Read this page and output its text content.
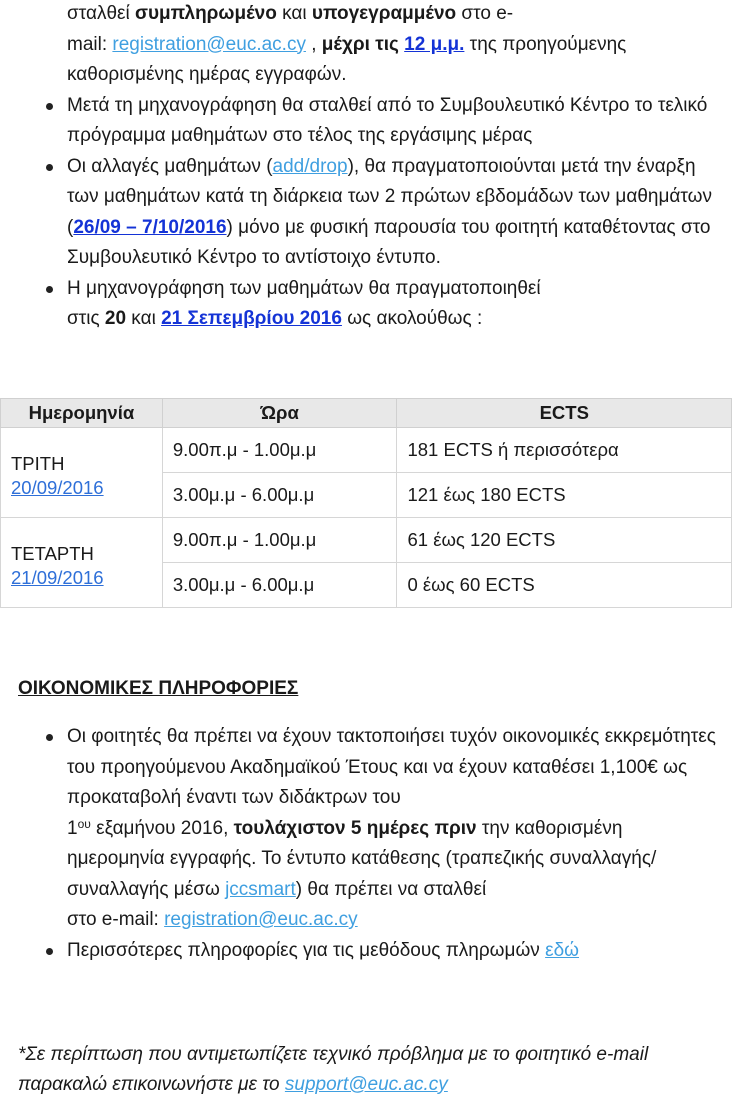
σταλθεί συμπληρωμένο και υπογεγραμμένο στο e-
mail: registration@euc.ac.cy , μέχρι τις 12 μ.μ. της προηγούμενης
καθορισμένης ημέρας εγγραφών.
Μετά τη μηχανογράφηση θα σταλθεί από το Συμβουλευτικό Κέντρο το τελικό πρόγραμμα μαθημάτων στο τέλος της εργάσιμης μέρας
Οι αλλαγές μαθημάτων (add/drop), θα πραγματοποιούνται μετά την έναρξη των μαθημάτων κατά τη διάρκεια των 2 πρώτων εβδομάδων των μαθημάτων (26/09 – 7/10/2016) μόνο με φυσική παρουσία του φοιτητή καταθέτοντας στο Συμβουλευτικό Κέντρο το αντίστοιχο έντυπο.
Η μηχανογράφηση των μαθημάτων θα πραγματοποιηθεί
στις 20 και 21 Σεπεμβρίου 2016 ως ακολούθως :
Ημερομηνία	Ώρα	ECTS

ΤΡΙΤΗ
20/09/2016	9.00π.μ - 1.00μ.μ	181 ECTS ή περισσότερα
	3.00μ.μ - 6.00μ.μ	121 έως 180 ECTS

ΤΕΤΑΡΤΗ
21/09/2016	9.00π.μ - 1.00μ.μ	61 έως 120 ECTS
	3.00μ.μ - 6.00μ.μ	0 έως 60 ECTS
ΟΙΚΟΝΟΜΙΚΕΣ ΠΛΗΡΟΦΟΡΙΕΣ
Οι φοιτητές θα πρέπει να έχουν τακτοποιήσει τυχόν οικονομικές εκκρεμότητες του προηγούμενου Ακαδημαϊκού Έτους και να έχουν καταθέσει 1,100€ ως προκαταβολή έναντι των διδάκτρων του
$1^{o\upsilon}$ εξαμήνου 2016, τουλάχιστον 5 ημέρες πριν την καθορισμένη ημερομηνία εγγραφής. Το έντυπο κατάθεσης (τραπεζικής συναλλαγής/ συναλλαγής μέσω jccsmart) θα πρέπει να σταλθεί
στο e-mail: registration@euc.ac.cy
Περισσότερες πληροφορίες για τις μεθόδους πληρωμών εδώ
*Σε περίπτωση που αντιμετωπίζετε τεχνικό πρόβλημα με το φοιτητικό e-mail παρακαλώ επικοινωνήστε με το support@euc.ac.cy
